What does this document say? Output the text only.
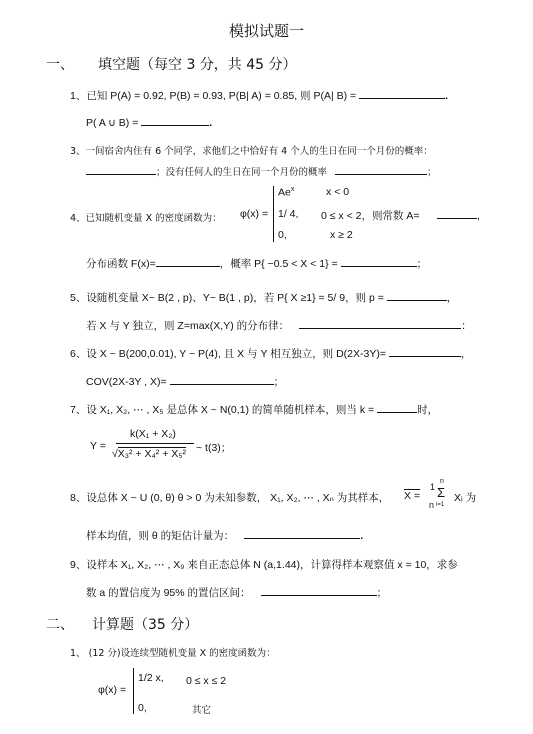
模拟试题一
一、 填空题（每空 3 分，共 45 分）
1、已知 P(A) = 0.92, P(B) = 0.93, P(B| A) = 0.85, 则 P(A| B) =	.
P( A ∪ B) =	.
3、一间宿舍内住有 6 个同学，求他们之中恰好有 4 个人的生日在同一个月份的概率：
；没有任何人的生日在同一个月份的概率	；
4、已知随机变量 X 的密度函数为： φ(x) =
$Ae^x$	x < 0
1/ 4, 0 ≤ x < 2，则常数 A=	,
0,	x ≥ 2
分布函数 F(x)=	，概率 P{ −0.5 < X < 1} =	；
5、设随机变量 X~ B(2 , p)、Y~ B(1 , p)，若 P{ X ≥1} = 5/ 9，则 p =	，
若 X 与 Y 独立，则 Z=max(X,Y) 的分布律：	：
6、设 X ~ B(200,0.01), Y ~ P(4), 且 X 与 Y 相互独立，则 D(2X-3Y)=	，
COV(2X-3Y , X)=	；
7、设 X₁, X₂, ⋯ , X₅ 是总体 X ~ N(0,1) 的简单随机样本，则当 k =	时，
Y =
k(X₁ + X₂)
√X₃² + X₄² + X₅² ~ t(3)；
8、设总体 X ~ U (0, θ) θ > 0 为未知参数， X₁, X₂, ⋯ , Xₙ 为其样本， X =
1
n
n
Σ
i=1
Xᵢ 为
样本均值，则 θ 的矩估计量为：	.
9、设样本 X₁, X₂, ⋯ , X₉ 来自正态总体 N (a,1.44)，计算得样本观察值 x = 10，求参
数 a 的置信度为 95% 的置信区间：	；
二、 计算题（35 分）
1、 (12 分)设连续型随机变量 X 的密度函数为：
φ(x) =
1/2 x, 0 ≤ x ≤ 2
0,	其它
